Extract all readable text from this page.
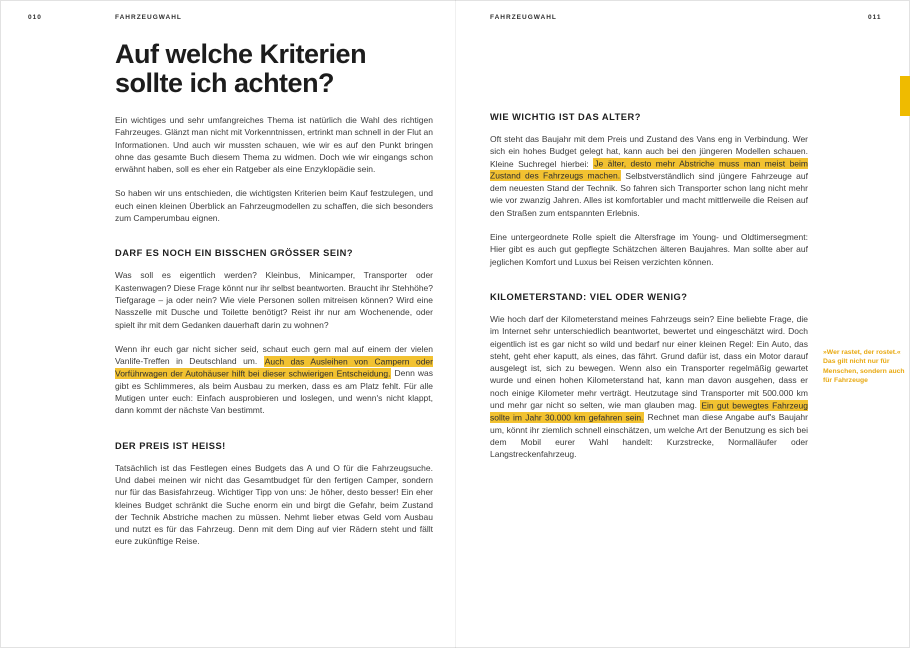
010	FAHRZEUGWAHL	FAHRZEUGWAHL	011
Auf welche Kriterien
sollte ich achten?

Ein wichtiges und sehr umfangreiches Thema ist natürlich die Wahl des richtigen Fahrzeuges. Glänzt man nicht mit Vorkenntnissen, ertrinkt man schnell in der Flut an Informationen. Und auch wir mussten schauen, wie wir es auf den Punkt bringen ohne das gesamte Buch diesem Thema zu widmen. Doch wie wir eingangs schon erwähnt haben, soll es eher ein Ratgeber als eine Enzyklopädie sein.

So haben wir uns entschieden, die wichtigsten Kriterien beim Kauf festzulegen, und euch einen kleinen Überblick an Fahrzeugmodellen zu schaffen, die sich besonders zum Camperumbau eignen.

DARF ES NOCH EIN BISSCHEN GRÖSSER SEIN?

Was soll es eigentlich werden? Kleinbus, Minicamper, Transporter oder Kastenwagen? Diese Frage könnt nur ihr selbst beantworten. Braucht ihr Stehhöhe? Tiefgarage – ja oder nein? Wie viele Personen sollen mitreisen können? Wird eine Nasszelle mit Dusche und Toilette benötigt? Reist ihr nur am Wochenende, oder spielt ihr mit dem Gedanken dauerhaft darin zu wohnen?

Wenn ihr euch gar nicht sicher seid, schaut euch gern mal auf einem der vielen Vanlife-Treffen in Deutschland um. Auch das Ausleihen von Campern oder Vorführwagen der Autohäuser hilft bei dieser schwierigen Entscheidung. Denn was gibt es Schlimmeres, als beim Ausbau zu merken, dass es am Platz fehlt. Für alle Mutigen unter euch: Einfach ausprobieren und loslegen, und wenn's nicht klappt, dann kommt der nächste Van bestimmt.

DER PREIS IST HEISS!

Tatsächlich ist das Festlegen eines Budgets das A und O für die Fahrzeugsuche. Und dabei meinen wir nicht das Gesamtbudget für den fertigen Camper, sondern nur für das Basisfahrzeug. Wichtiger Tipp von uns: Je höher, desto besser! Ein eher kleines Budget schränkt die Suche enorm ein und birgt die Gefahr, beim Zustand der Technik Abstriche machen zu müssen. Nehmt lieber etwas Geld vom Ausbau und nutzt es für das Fahrzeug. Denn mit dem Ding auf vier Rädern steht und fällt eure zukünftige Reise.

WIE WICHTIG IST DAS ALTER?

Oft steht das Baujahr mit dem Preis und Zustand des Vans eng in Verbindung. Wer sich ein hohes Budget gelegt hat, kann auch bei den jüngeren Modellen schauen. Kleine Suchregel hierbei: Je älter, desto mehr Abstriche muss man meist beim Zustand des Fahrzeugs machen. Selbstverständlich sind jüngere Fahrzeuge auf dem neuesten Stand der Technik. So fahren sich Transporter schon lang nicht mehr wie vor zwanzig Jahren. Alles ist komfortabler und macht mittlerweile die Reisen auf den Straßen zum entspannten Erlebnis.

Eine untergeordnete Rolle spielt die Altersfrage im Young- und Oldtimersegment: Hier gibt es auch gut gepflegte Schätzchen älteren Baujahres. Man sollte aber auf jeglichen Komfort und Luxus bei Reisen verzichten können.

KILOMETERSTAND: VIEL ODER WENIG?

Wie hoch darf der Kilometerstand meines Fahrzeugs sein? Eine beliebte Frage, die im Internet sehr unterschiedlich beantwortet, bewertet und eingeschätzt wird. Doch eigentlich ist es gar nicht so wild und bedarf nur einer kleinen Regel: Ein Auto, das steht, geht eher kaputt, als eines, das fährt. Grund dafür ist, dass ein Motor darauf ausgelegt ist, sich zu bewegen. Wenn also ein Transporter regelmäßig gewartet wurde und einen hohen Kilometerstand hat, kann man davon ausgehen, dass er noch einige Kilometer mehr verträgt. Heutzutage sind Transporter mit 500.000 km und mehr gar nicht so selten, wie man glauben mag. Ein gut bewegtes Fahrzeug sollte im Jahr 30.000 km gefahren sein. Rechnet man diese Angabe auf's Baujahr um, könnt ihr ziemlich schnell einschätzen, um welche Art der Benutzung es sich bei dem Mobil eurer Wahl handelt: Kurzstrecke, Normalläufer oder Langstreckenfahrzeug.

»Wer rastet, der rostet.« Das gilt nicht nur für Menschen, sondern auch für Fahrzeuge
